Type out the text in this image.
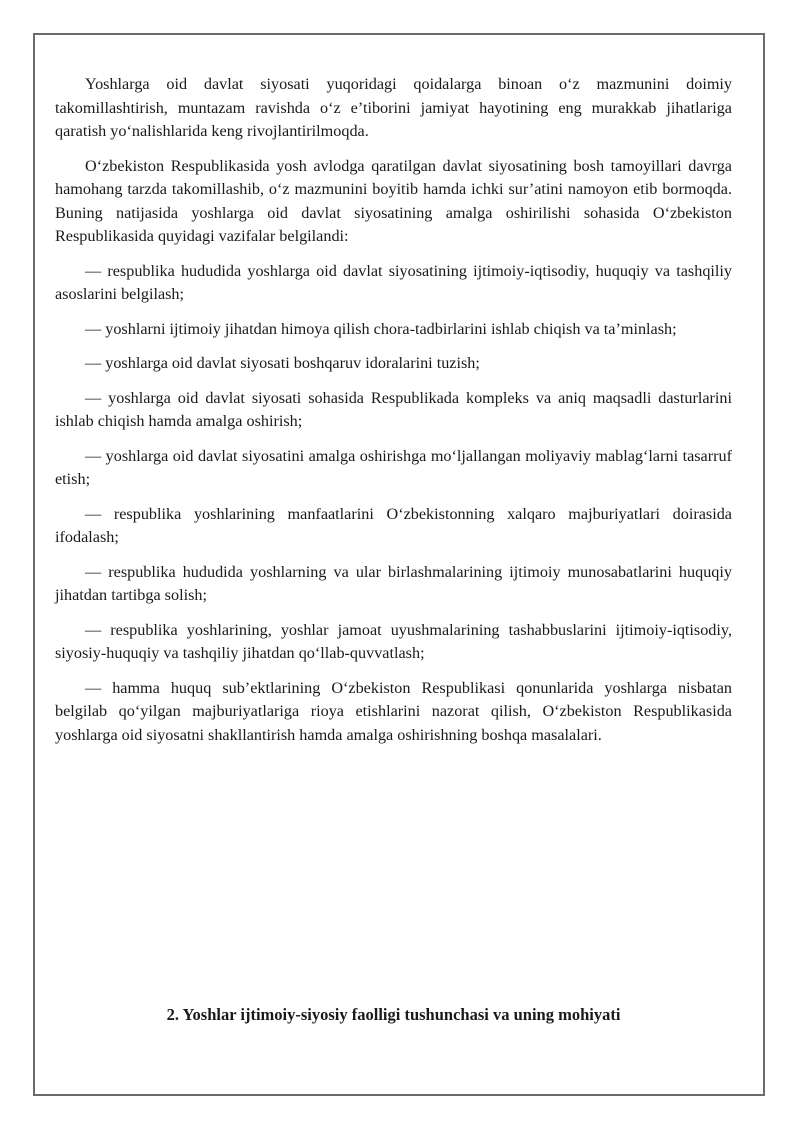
Yoshlarga oid davlat siyosati yuqoridagi qoidalarga binoan o‘z mazmunini doimiy takomillashtirish, muntazam ravishda o‘z e’tiborini jamiyat hayotining eng murakkab jihatlariga qaratish yo‘nalishlarida keng rivojlantirilmoqda.

O‘zbekiston Respublikasida yosh avlodga qaratilgan davlat siyosatining bosh tamoyillari davrga hamohang tarzda takomillashib, o‘z mazmunini boyitib hamda ichki sur’atini namoyon etib bormoqda. Buning natijasida yoshlarga oid davlat siyosatining amalga oshirilishi sohasida O‘zbekiston Respublikasida quyidagi vazifalar belgilandi:

— respublika hududida yoshlarga oid davlat siyosatining ijtimoiy-iqtisodiy, huquqiy va tashqiliy asoslarini belgilash;

— yoshlarni ijtimoiy jihatdan himoya qilish chora-tadbirlarini ishlab chiqish va ta’minlash;

— yoshlarga oid davlat siyosati boshqaruv idoralarini tuzish;

— yoshlarga oid davlat siyosati sohasida Respublikada kompleks va aniq maqsadli dasturlarini ishlab chiqish hamda amalga oshirish;

— yoshlarga oid davlat siyosatini amalga oshirishga mo‘ljallangan moliyaviy mablag‘larni tasarruf etish;

— respublika yoshlarining manfaatlarini O‘zbekistonning xalqaro majburiyatlari doirasida ifodalash;

— respublika hududida yoshlarning va ular birlashmalarining ijtimoiy munosabatlarini huquqiy jihatdan tartibga solish;

— respublika yoshlarining, yoshlar jamoat uyushmalarining tashabbuslarini ijtimoiy-iqtisodiy, siyosiy-huquqiy va tashqiliy jihatdan qo‘llab-quvvatlash;

— hamma huquq sub’ektlarining O‘zbekiston Respublikasi qonunlarida yoshlarga nisbatan belgilab qo‘yilgan majburiyatlariga rioya etishlarini nazorat qilish, O‘zbekiston Respublikasida yoshlarga oid siyosatni shakllantirish hamda amalga oshirishning boshqa masalalari.

2. Yoshlar ijtimoiy-siyosiy faolligi tushunchasi va uning mohiyati
